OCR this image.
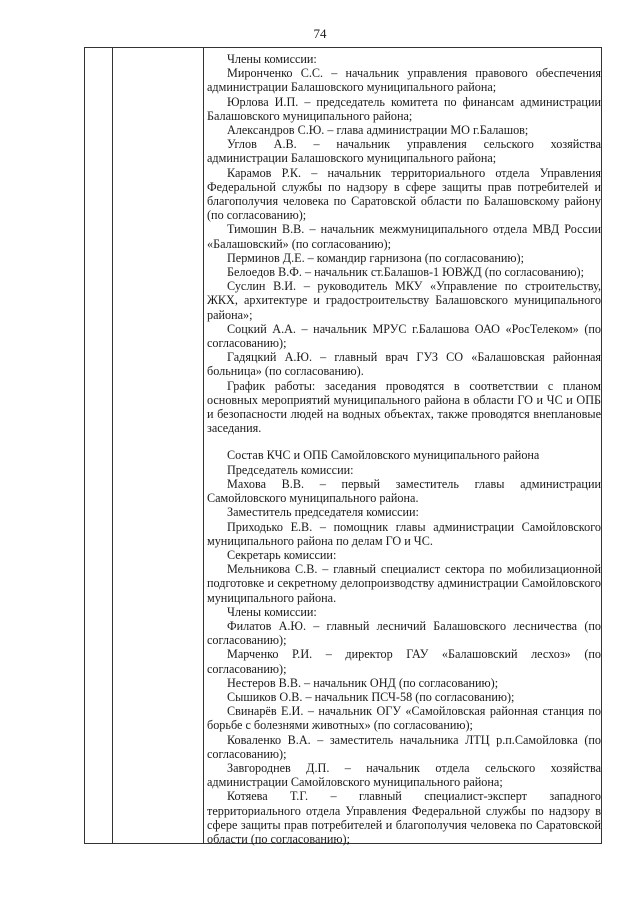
74

Члены комиссии:

Миронченко С.С. – начальник управления правового обеспечения администрации Балашовского муниципального района;

Юрлова И.П. – председатель комитета по финансам администрации Балашовского муниципального района;

Александров С.Ю. – глава администрации МО г.Балашов;

Углов А.В. – начальник управления сельского хозяйства администрации Балашовского муниципального района;

Карамов Р.К. – начальник территориального отдела Управления Федеральной службы по надзору в сфере защиты прав потребителей и благополучия человека по Саратовской области по Балашовскому району (по согласованию);

Тимошин В.В. – начальник межмуниципального отдела МВД России «Балашовский» (по согласованию);

Перминов Д.Е. – командир гарнизона (по согласованию);

Белоедов В.Ф. – начальник ст.Балашов-1 ЮВЖД (по согласованию);

Суслин В.И. – руководитель МКУ «Управление по строительству, ЖКХ, архитектуре и градостроительству Балашовского муниципального района»;

Соцкий А.А. – начальник МРУС г.Балашова ОАО «РосТелеком» (по согласованию);

Гадяцкий А.Ю. – главный врач ГУЗ СО «Балашовская районная больница» (по согласованию).

График работы: заседания проводятся в соответствии с планом основных мероприятий муниципального района в области ГО и ЧС и ОПБ и безопасности людей на водных объектах, также проводятся внеплановые заседания.

Состав КЧС и ОПБ Самойловского муниципального района

Председатель комиссии:

Махова В.В. – первый заместитель главы администрации Самойловского муниципального района.

Заместитель председателя комиссии:

Приходько Е.В. – помощник главы администрации Самойловского муниципального района по делам ГО и ЧС.

Секретарь комиссии:

Мельникова С.В. – главный специалист сектора по мобилизационной подготовке и секретному делопроизводству администрации Самойловского муниципального района.

Члены комиссии:

Филатов А.Ю. – главный лесничий Балашовского лесничества (по согласованию);

Марченко Р.И. – директор ГАУ «Балашовский лесхоз» (по согласованию);

Нестеров В.В. – начальник ОНД (по согласованию);

Сышиков О.В. – начальник ПСЧ-58 (по согласованию);

Свинарёв Е.И. – начальник ОГУ «Самойловская районная станция по борьбе с болезнями животных» (по согласованию);

Коваленко В.А. – заместитель начальника ЛТЦ р.п.Самойловка (по согласованию);

Завгороднев Д.П. – начальник отдела сельского хозяйства администрации Самойловского муниципального района;

Котяева Т.Г. – главный специалист-эксперт западного территориального отдела Управления Федеральной службы по надзору в сфере защиты прав потребителей и благополучия человека по Саратовской области (по согласованию);
